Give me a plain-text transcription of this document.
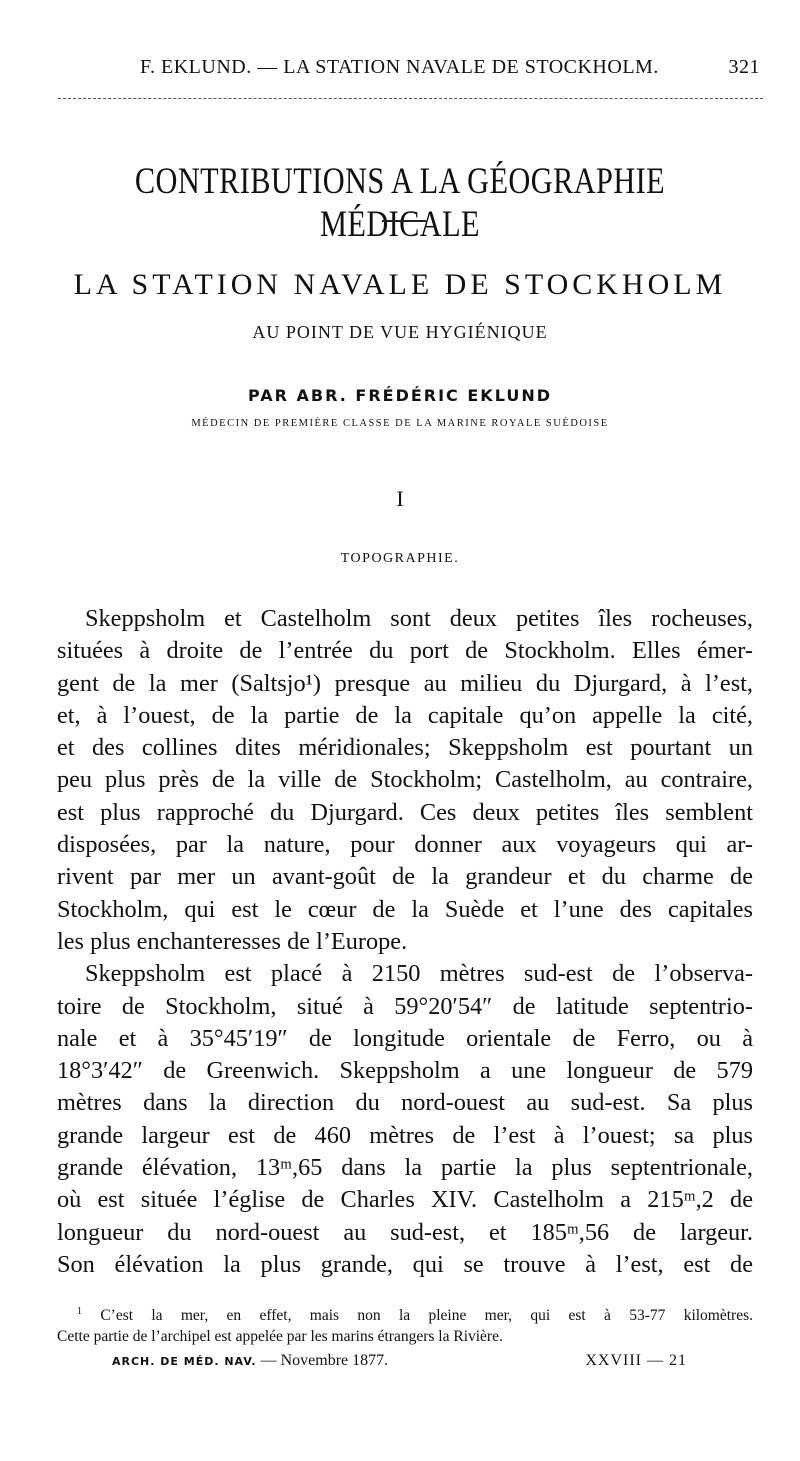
F. EKLUND. — LA STATION NAVALE DE STOCKHOLM.	321
CONTRIBUTIONS A LA GÉOGRAPHIE MÉDICALE
LA STATION NAVALE DE STOCKHOLM
AU POINT DE VUE HYGIÉNIQUE
PAR ABR. FRÉDÉRIC EKLUND
MÉDECIN DE PREMIÈRE CLASSE DE LA MARINE ROYALE SUÉDOISE
I
TOPOGRAPHIE.

Skeppsholm et Castelholm sont deux petites îles rocheuses,
situées à droite de l’entrée du port de Stockholm. Elles émer-
gent de la mer (Saltsjo¹) presque au milieu du Djurgard, à l’est,
et, à l’ouest, de la partie de la capitale qu’on appelle la cité,
et des collines dites méridionales; Skeppsholm est pourtant un
peu plus près de la ville de Stockholm; Castelholm, au contraire,
est plus rapproché du Djurgard. Ces deux petites îles semblent
disposées, par la nature, pour donner aux voyageurs qui ar-
rivent par mer un avant-goût de la grandeur et du charme de
Stockholm, qui est le cœur de la Suède et l’une des capitales
les plus enchanteresses de l’Europe.

Skeppsholm est placé à 2150 mètres sud-est de l’observa-
toire de Stockholm, situé à 59°20′54″ de latitude septentrio-
nale et à 35°45′19″ de longitude orientale de Ferro, ou à
18°3′42″ de Greenwich. Skeppsholm a une longueur de 579
mètres dans la direction du nord-ouest au sud-est. Sa plus
grande largeur est de 460 mètres de l’est à l’ouest; sa plus
grande élévation, 13ᵐ,65 dans la partie la plus septentrionale,
où est située l’église de Charles XIV. Castelholm a 215ᵐ,2 de
longueur du nord-ouest au sud-est, et 185ᵐ,56 de largeur.
Son élévation la plus grande, qui se trouve à l’est, est de

$^1$ C’est la mer, en effet, mais non la pleine mer, qui est à 53-77 kilomètres.
Cette partie de l’archipel est appelée par les marins étrangers la Rivière.
ARCH. DE MÉD. NAV. — Novembre 1877.	XXVIII — 21
